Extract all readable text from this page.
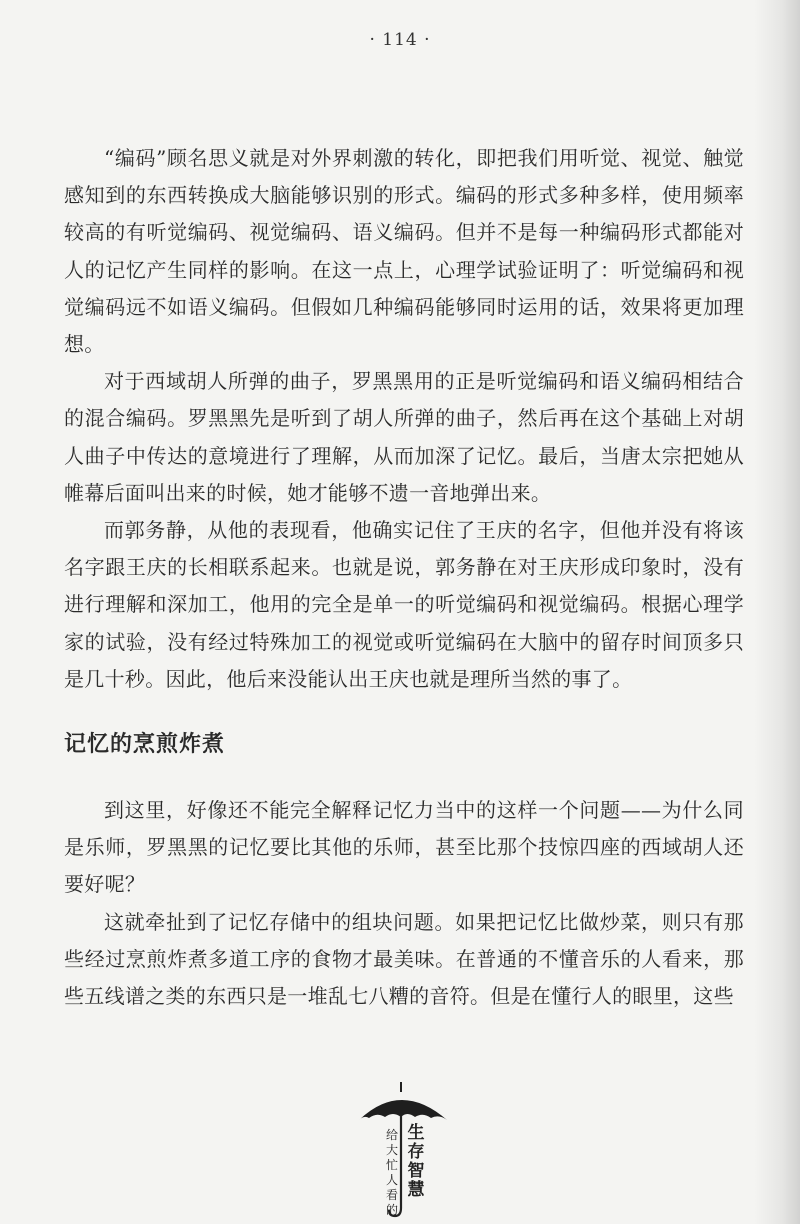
· 114 ·

“编码”顾名思义就是对外界刺激的转化，即把我们用听觉、视觉、触觉感知到的东西转换成大脑能够识别的形式。编码的形式多种多样，使用频率较高的有听觉编码、视觉编码、语义编码。但并不是每一种编码形式都能对人的记忆产生同样的影响。在这一点上，心理学试验证明了：听觉编码和视觉编码远不如语义编码。但假如几种编码能够同时运用的话，效果将更加理想。

对于西域胡人所弹的曲子，罗黑黑用的正是听觉编码和语义编码相结合的混合编码。罗黑黑先是听到了胡人所弹的曲子，然后再在这个基础上对胡人曲子中传达的意境进行了理解，从而加深了记忆。最后，当唐太宗把她从帷幕后面叫出来的时候，她才能够不遗一音地弹出来。

而郭务静，从他的表现看，他确实记住了王庆的名字，但他并没有将该名字跟王庆的长相联系起来。也就是说，郭务静在对王庆形成印象时，没有进行理解和深加工，他用的完全是单一的听觉编码和视觉编码。根据心理学家的试验，没有经过特殊加工的视觉或听觉编码在大脑中的留存时间顶多只是几十秒。因此，他后来没能认出王庆也就是理所当然的事了。

记忆的烹煎炸煮

到这里，好像还不能完全解释记忆力当中的这样一个问题——为什么同是乐师，罗黑黑的记忆要比其他的乐师，甚至比那个技惊四座的西域胡人还要好呢？

这就牵扯到了记忆存储中的组块问题。如果把记忆比做炒菜，则只有那些经过烹煎炸煮多道工序的食物才最美味。在普通的不懂音乐的人看来，那些五线谱之类的东西只是一堆乱七八糟的音符。但是在懂行人的眼里，这些

生
存
智
慧
给
大
忙
人
看
的
